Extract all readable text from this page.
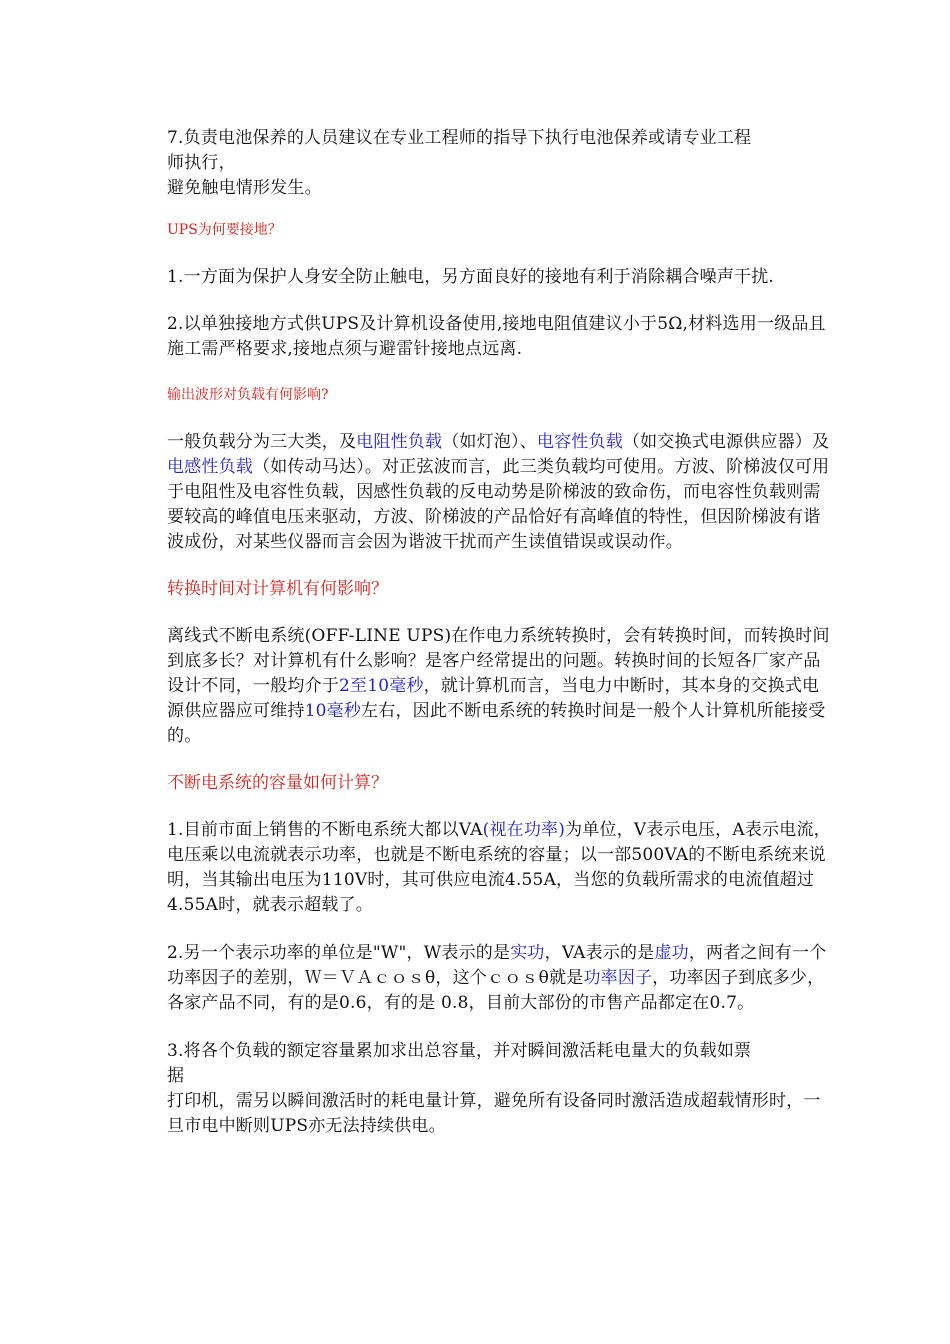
7.负责电池保养的人员建议在专业工程师的指导下执行电池保养或请专业工程
师执行，
避免触电情形发生。

UPS为何要接地？

1.一方面为保护人身安全防止触电，另方面良好的接地有利于消除耦合噪声干扰.

2.以单独接地方式供UPS及计算机设备使用,接地电阻值建议小于5Ω,材料选用一级品且施工需严格要求,接地点须与避雷针接地点远离.

输出波形对负载有何影响?

一般负载分为三大类，及电阻性负载（如灯泡）、电容性负载（如交换式电源供应器）及电感性负载（如传动马达）。对正弦波而言，此三类负载均可使用。方波、阶梯波仅可用于电阻性及电容性负载，因感性负载的反电动势是阶梯波的致命伤，而电容性负载则需要较高的峰值电压来驱动，方波、阶梯波的产品恰好有高峰值的特性，但因阶梯波有谐波成份，对某些仪器而言会因为谐波干扰而产生读值错误或误动作。

转换时间对计算机有何影响？

离线式不断电系统(OFF-LINE UPS)在作电力系统转换时，会有转换时间，而转换时间到底多长？对计算机有什么影响？是客户经常提出的问题。转换时间的长短各厂家产品设计不同，一般均介于2至10毫秒，就计算机而言，当电力中断时，其本身的交换式电源供应器应可维持10毫秒左右，因此不断电系统的转换时间是一般个人计算机所能接受的。

不断电系统的容量如何计算？

1.目前市面上销售的不断电系统大都以VA(视在功率)为单位，V表示电压，A表示电流，电压乘以电流就表示功率，也就是不断电系统的容量；以一部500VA的不断电系统来说明，当其输出电压为110V时，其可供应电流4.55A，当您的负载所需求的电流值超过4.55A时，就表示超载了。

2.另一个表示功率的单位是"W"，W表示的是实功，VA表示的是虚功，两者之间有一个功率因子的差别，Ｗ＝ＶＡｃｏｓθ，这个ｃｏｓθ就是功率因子，功率因子到底多少，各家产品不同，有的是0.6，有的是 0.8，目前大部份的市售产品都定在0.7。

3.将各个负载的额定容量累加求出总容量，并对瞬间激活耗电量大的负载如票
据
打印机，需另以瞬间激活时的耗电量计算，避免所有设备同时激活造成超载情形时，一旦市电中断则UPS亦无法持续供电。
